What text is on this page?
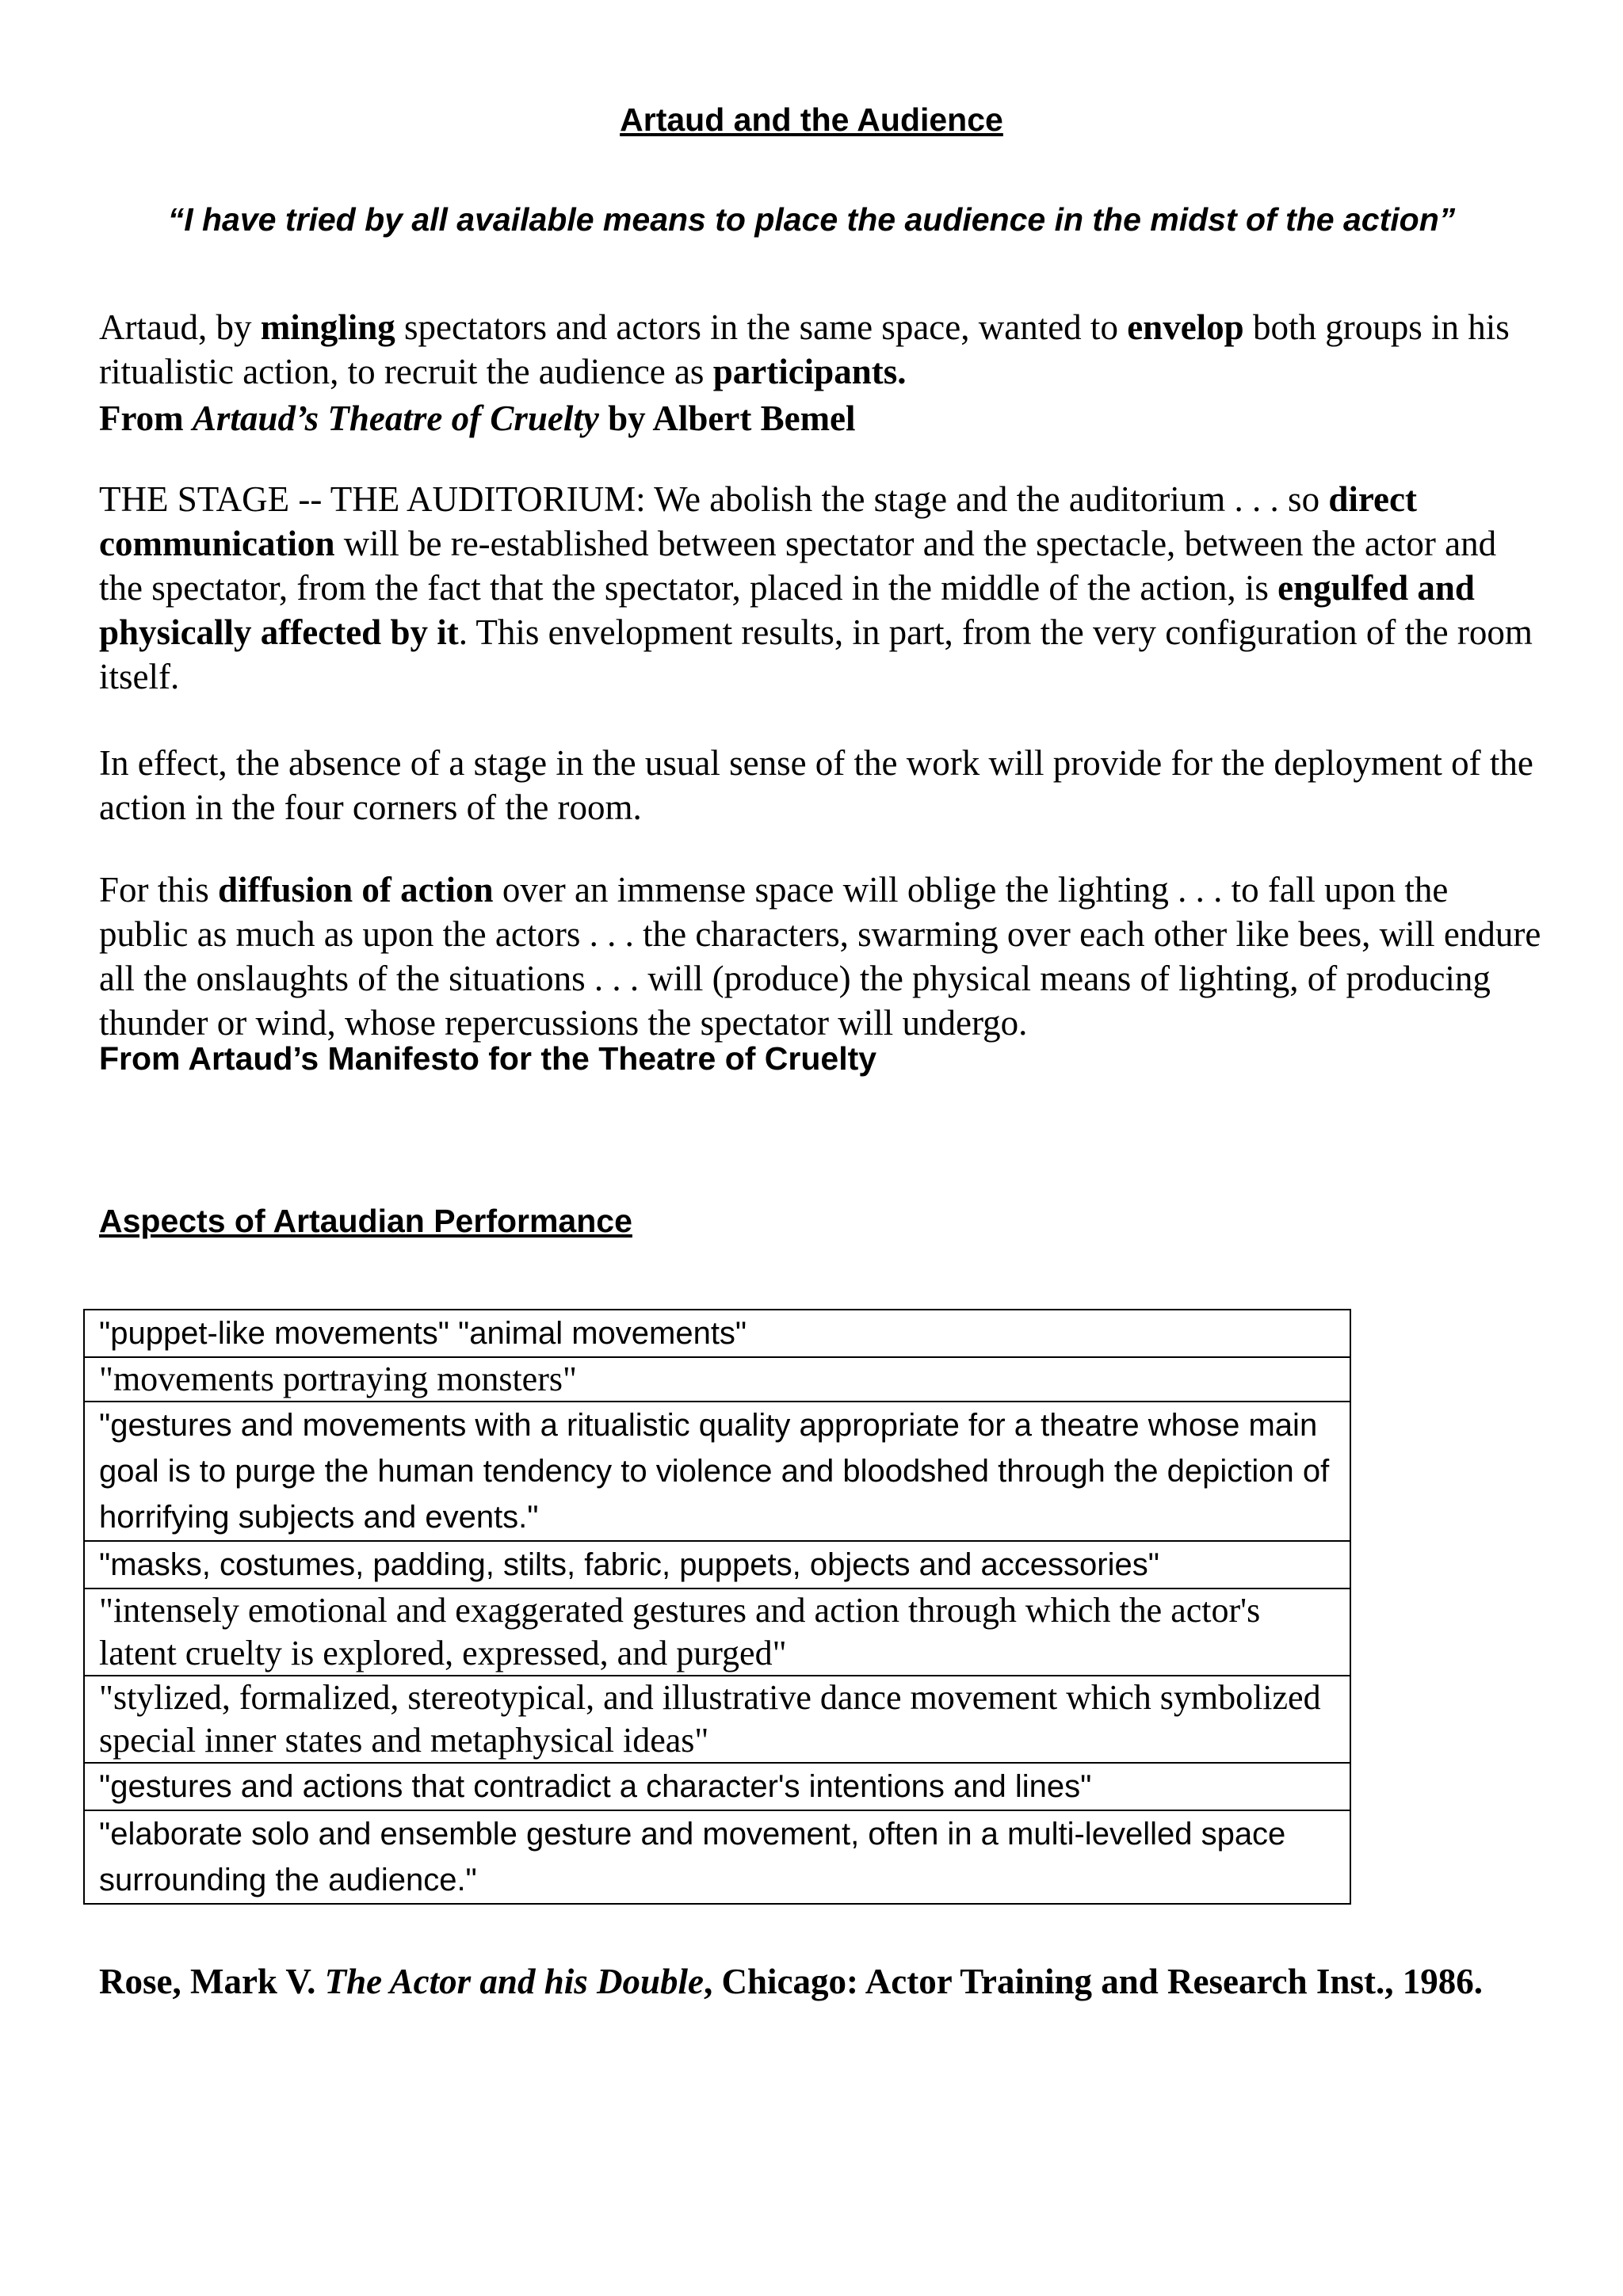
Artaud and the Audience
“I have tried by all available means to place the audience in the midst of the action”
Artaud, by mingling spectators and actors in the same space, wanted to envelop both groups in his ritualistic action, to recruit the audience as participants.
From Artaud’s Theatre of Cruelty by Albert Bemel
THE STAGE -- THE AUDITORIUM: We abolish the stage and the auditorium . . . so direct communication will be re-established between spectator and the spectacle, between the actor and the spectator, from the fact that the spectator, placed in the middle of the action, is engulfed and physically affected by it. This envelopment results, in part, from the very configuration of the room itself.
In effect, the absence of a stage in the usual sense of the work will provide for the deployment of the action in the four corners of the room.
For this diffusion of action over an immense space will oblige the lighting . . . to fall upon the public as much as upon the actors . . . the characters, swarming over each other like bees, will endure all the onslaughts of the situations . . . will (produce) the physical means of lighting, of producing thunder or wind, whose repercussions the spectator will undergo.
From Artaud’s Manifesto for the Theatre of Cruelty
Aspects of Artaudian Performance
"puppet-like movements" "animal movements"
"movements portraying monsters"
"gestures and movements with a ritualistic quality appropriate for a theatre whose main goal is to purge the human tendency to violence and bloodshed through the depiction of horrifying subjects and events."
"masks, costumes, padding, stilts, fabric, puppets, objects and accessories"
"intensely emotional and exaggerated gestures and action through which the actor's latent cruelty is explored, expressed, and purged"
"stylized, formalized, stereotypical, and illustrative dance movement which symbolized special inner states and metaphysical ideas"
"gestures and actions that contradict a character's intentions and lines"
"elaborate solo and ensemble gesture and movement, often in a multi-levelled space surrounding the audience."
Rose, Mark V. The Actor and his Double, Chicago: Actor Training and Research Inst., 1986.
